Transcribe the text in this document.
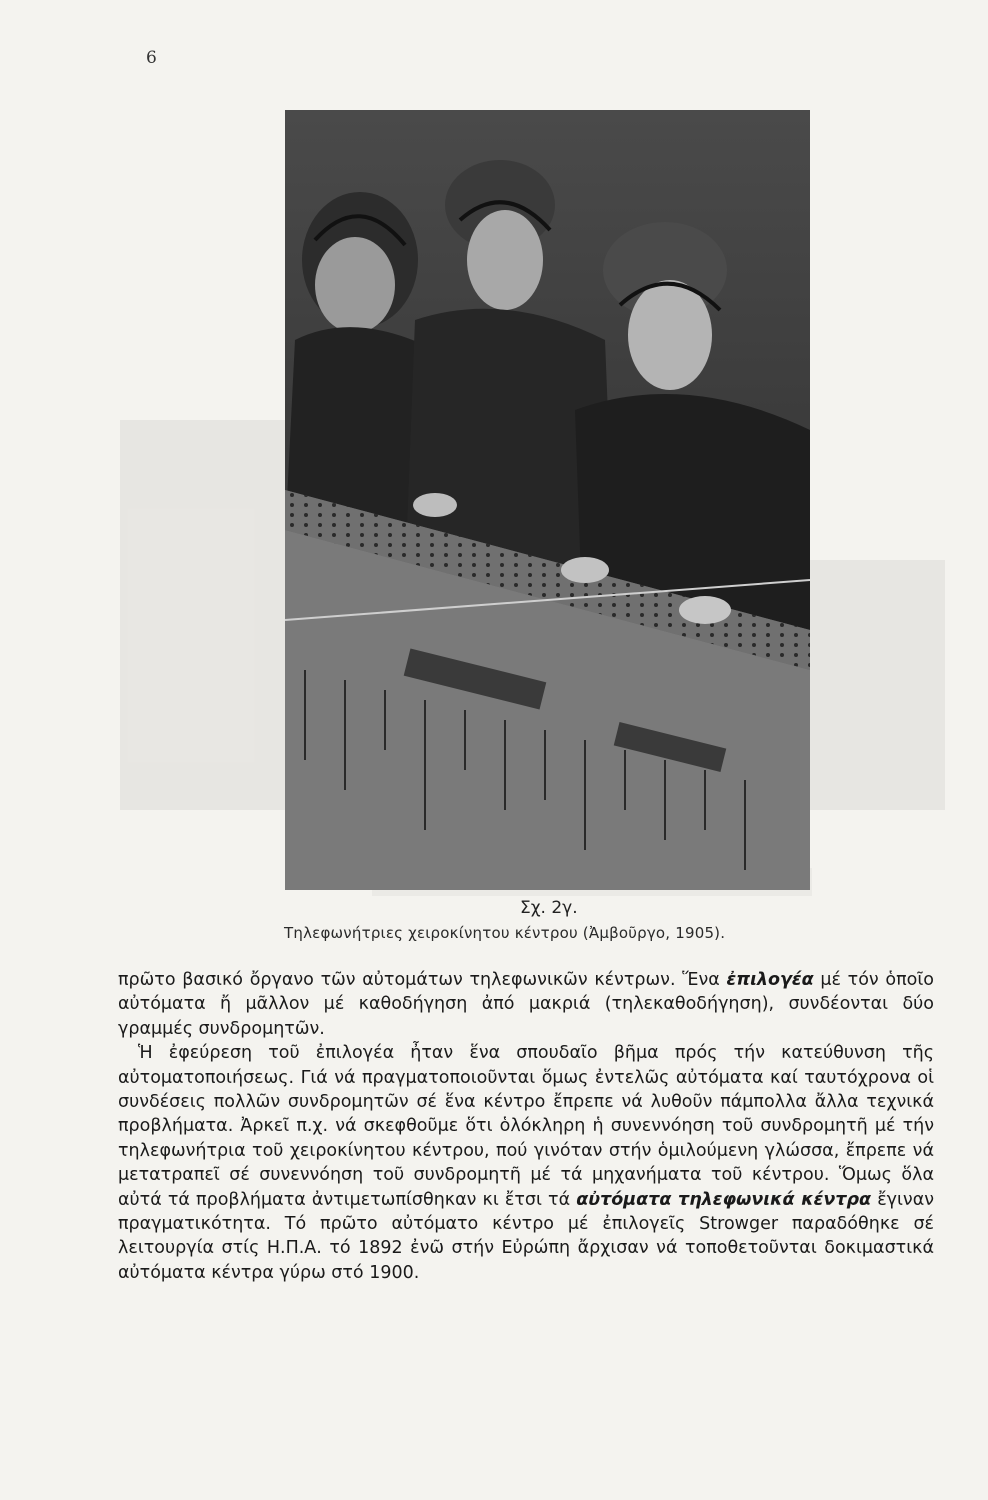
6
Σχ. 2γ.
Τηλεφωνήτριες χειροκίνητου κέντρου (Ἀμβοῦργο, 1905).

πρῶτο βασικό ὄργανο τῶν αὐτομάτων τηλεφωνικῶν κέντρων. Ἕνα ἐπιλογέα μέ τόν ὁποῖο αὐτόματα ἤ μᾶλλον μέ καθοδήγηση ἀπό μακριά (τηλεκαθοδήγηση), συνδέονται δύο γραμμές συνδρομητῶν.

Ἡ ἐφεύρεση τοῦ ἐπιλογέα ἦταν ἕνα σπουδαῖο βῆμα πρός τήν κατεύθυνση τῆς αὐτοματοποιήσεως. Γιά νά πραγματοποιοῦνται ὅμως ἐντελῶς αὐτόματα καί ταυτόχρονα οἱ συνδέσεις πολλῶν συνδρομητῶν σέ ἕνα κέντρο ἔπρεπε νά λυθοῦν πάμπολλα ἄλλα τεχνικά προβλήματα. Ἀρκεῖ π.χ. νά σκεφθοῦμε ὅτι ὁλόκληρη ἡ συνεννόηση τοῦ συνδρομητῆ μέ τήν τηλεφωνήτρια τοῦ χειροκίνητου κέντρου, πού γινόταν στήν ὁμιλούμενη γλώσσα, ἔπρεπε νά μετατραπεῖ σέ συνεννόηση τοῦ συνδρομητῆ μέ τά μηχανήματα τοῦ κέντρου. Ὅμως ὅλα αὐτά τά προβλήματα ἀντιμετωπίσθηκαν κι ἔτσι τά αὐτόματα τηλεφωνικά κέντρα ἔγιναν πραγματικότητα. Τό πρῶτο αὐτόματο κέντρο μέ ἐπιλογεῖς Strowger παραδόθηκε σέ λειτουργία στίς Η.Π.Α. τό 1892 ἐνῶ στήν Εὐρώπη ἄρχισαν νά τοποθετοῦνται δοκιμαστικά αὐτόματα κέντρα γύρω στό 1900.
